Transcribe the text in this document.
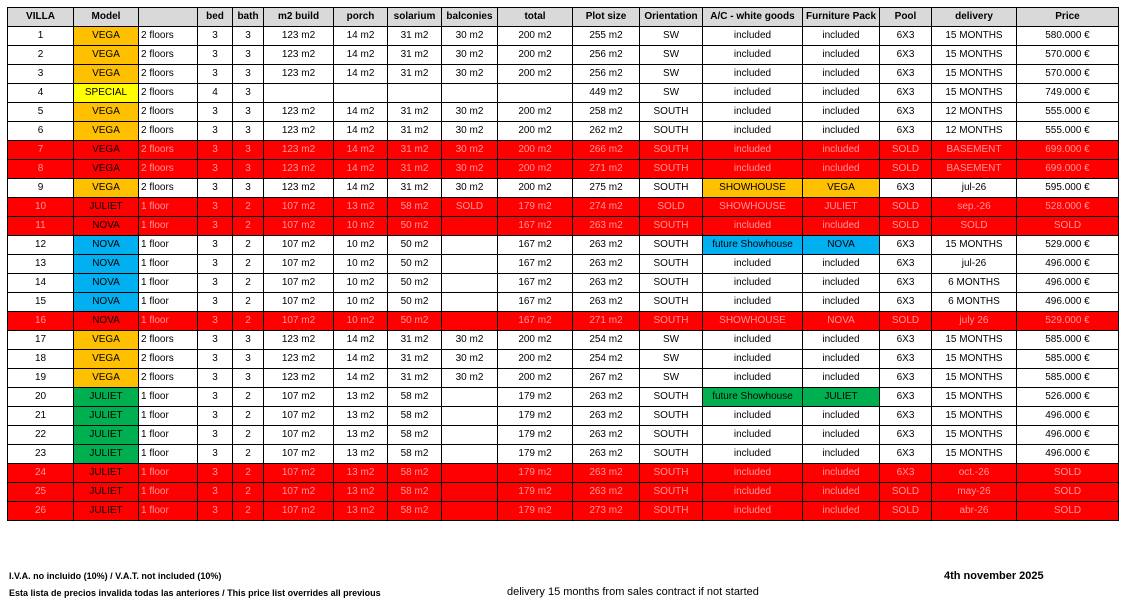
VILLA	Model		bed	bath	m2 build	porch	solarium	balconies	total	Plot size	Orientation	A/C - white goods	Furniture Pack	Pool	delivery	Price
1	VEGA	2 floors	3	3	123 m2	14 m2	31 m2	30 m2	200 m2	255 m2	SW	included	included	6X3	15 MONTHS	580.000 €
2	VEGA	2 floors	3	3	123 m2	14 m2	31 m2	30 m2	200 m2	256 m2	SW	included	included	6X3	15 MONTHS	570.000 €
3	VEGA	2 floors	3	3	123 m2	14 m2	31 m2	30 m2	200 m2	256 m2	SW	included	included	6X3	15 MONTHS	570.000 €
4	SPECIAL	2 floors	4	3						449 m2	SW	included	included	6X3	15 MONTHS	749.000 €
5	VEGA	2 floors	3	3	123 m2	14 m2	31 m2	30 m2	200 m2	258 m2	SOUTH	included	included	6X3	12 MONTHS	555.000 €
6	VEGA	2 floors	3	3	123 m2	14 m2	31 m2	30 m2	200 m2	262 m2	SOUTH	included	included	6X3	12 MONTHS	555.000 €
7	VEGA	2 floors	3	3	123 m2	14 m2	31 m2	30 m2	200 m2	266 m2	SOUTH	included	included	SOLD	BASEMENT	699.000 €
8	VEGA	2 floors	3	3	123 m2	14 m2	31 m2	30 m2	200 m2	271 m2	SOUTH	included	included	SOLD	BASEMENT	699.000 €
9	VEGA	2 floors	3	3	123 m2	14 m2	31 m2	30 m2	200 m2	275 m2	SOUTH	SHOWHOUSE	VEGA	6X3	jul-26	595.000 €
10	JULIET	1 floor	3	2	107 m2	13 m2	58 m2	SOLD	179 m2	274 m2	SOLD	SHOWHOUSE	JULIET	SOLD	sep.-26	528.000 €
11	NOVA	1 floor	3	2	107 m2	10 m2	50 m2		167 m2	263 m2	SOUTH	included	included	SOLD	SOLD	SOLD
12	NOVA	1 floor	3	2	107 m2	10 m2	50 m2		167 m2	263 m2	SOUTH	future Showhouse	NOVA	6X3	15 MONTHS	529.000 €
13	NOVA	1 floor	3	2	107 m2	10 m2	50 m2		167 m2	263 m2	SOUTH	included	included	6X3	jul-26	496.000 €
14	NOVA	1 floor	3	2	107 m2	10 m2	50 m2		167 m2	263 m2	SOUTH	included	included	6X3	6 MONTHS	496.000 €
15	NOVA	1 floor	3	2	107 m2	10 m2	50 m2		167 m2	263 m2	SOUTH	included	included	6X3	6 MONTHS	496.000 €
16	NOVA	1 floor	3	2	107 m2	10 m2	50 m2		167 m2	271 m2	SOUTH	SHOWHOUSE	NOVA	SOLD	july 26	529.000 €
17	VEGA	2 floors	3	3	123 m2	14 m2	31 m2	30 m2	200 m2	254 m2	SW	included	included	6X3	15 MONTHS	585.000 €
18	VEGA	2 floors	3	3	123 m2	14 m2	31 m2	30 m2	200 m2	254 m2	SW	included	included	6X3	15 MONTHS	585.000 €
19	VEGA	2 floors	3	3	123 m2	14 m2	31 m2	30 m2	200 m2	267 m2	SW	included	included	6X3	15 MONTHS	585.000 €
20	JULIET	1 floor	3	2	107 m2	13 m2	58 m2		179 m2	263 m2	SOUTH	future Showhouse	JULIET	6X3	15 MONTHS	526.000 €
21	JULIET	1 floor	3	2	107 m2	13 m2	58 m2		179 m2	263 m2	SOUTH	included	included	6X3	15 MONTHS	496.000 €
22	JULIET	1 floor	3	2	107 m2	13 m2	58 m2		179 m2	263 m2	SOUTH	included	included	6X3	15 MONTHS	496.000 €
23	JULIET	1 floor	3	2	107 m2	13 m2	58 m2		179 m2	263 m2	SOUTH	included	included	6X3	15 MONTHS	496.000 €
24	JULIET	1 floor	3	2	107 m2	13 m2	58 m2		179 m2	263 m2	SOUTH	included	included	6X3	oct.-26	SOLD
25	JULIET	1 floor	3	2	107 m2	13 m2	58 m2		179 m2	263 m2	SOUTH	included	included	SOLD	may-26	SOLD
26	JULIET	1 floor	3	2	107 m2	13 m2	58 m2		179 m2	273 m2	SOUTH	included	included	SOLD	abr-26	SOLD
I.V.A. no incluido (10%) / V.A.T. not included (10%)
Esta lista de precios invalida todas las anteriores / This price list overrides all previous	delivery 15 months from sales contract if not started
4th november 2025
